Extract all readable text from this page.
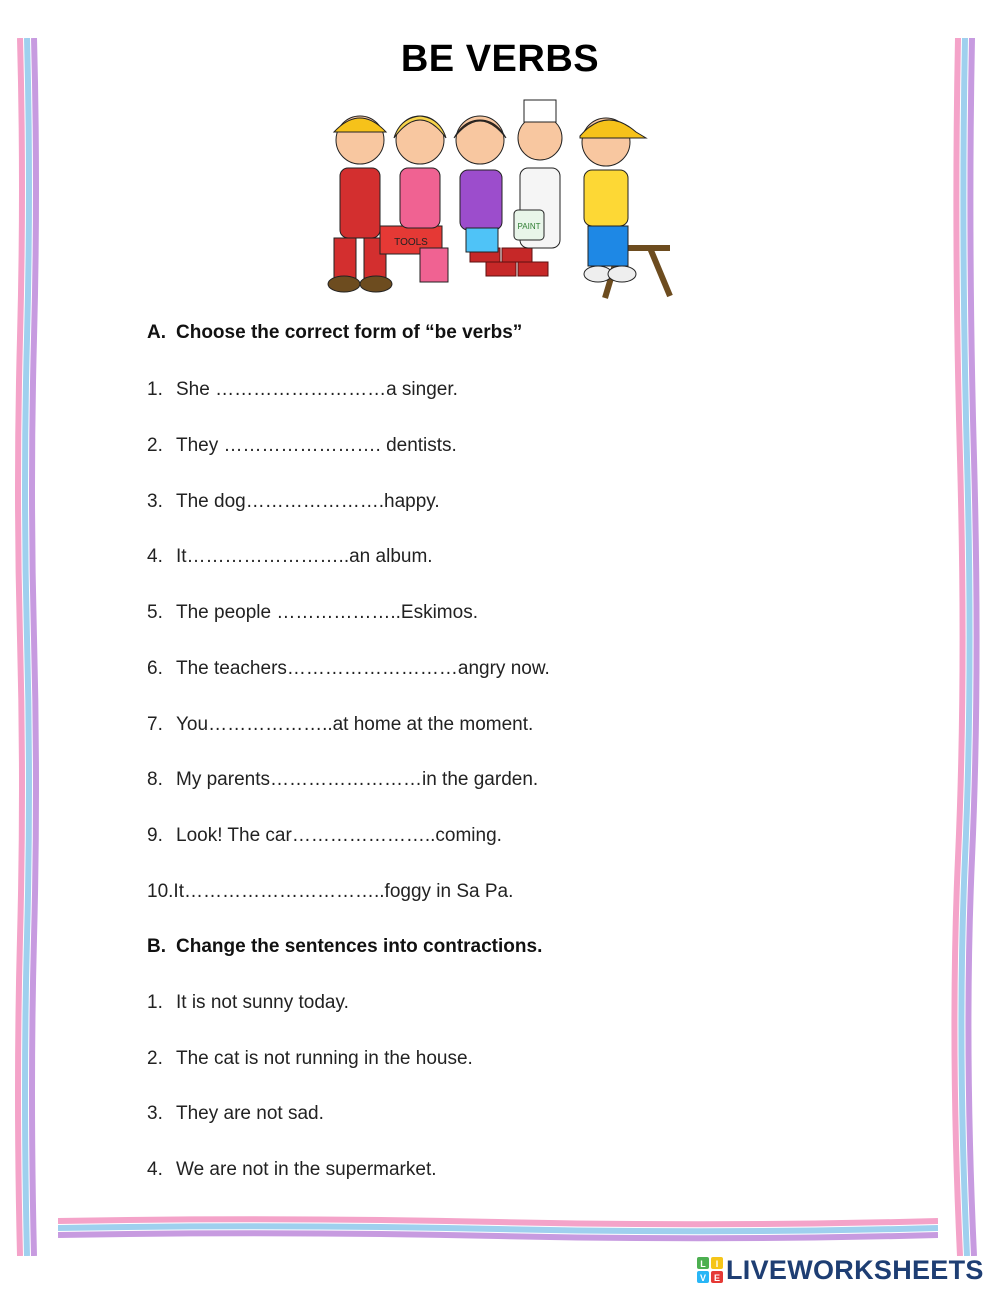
BE VERBS
TOOLS
PAINT
A. Choose the correct form of “be verbs”
1. She ………………………a singer.
2. They ……………………. dentists.
3. The dog………………….happy.
4. It……………………..an album.
5. The people ………………..Eskimos.
6. The teachers………………………angry now.
7. You………………..at home at the moment.
8. My parents……………………in the garden.
9. Look! The car…………………..coming.
10.It…………………………..foggy in Sa Pa.
B. Change the sentences into contractions.
1. It is not sunny today.
2. The cat is not running in the house.
3. They are not sad.
4. We are not in the supermarket.
L I
V E LIVEWORKSHEETS
